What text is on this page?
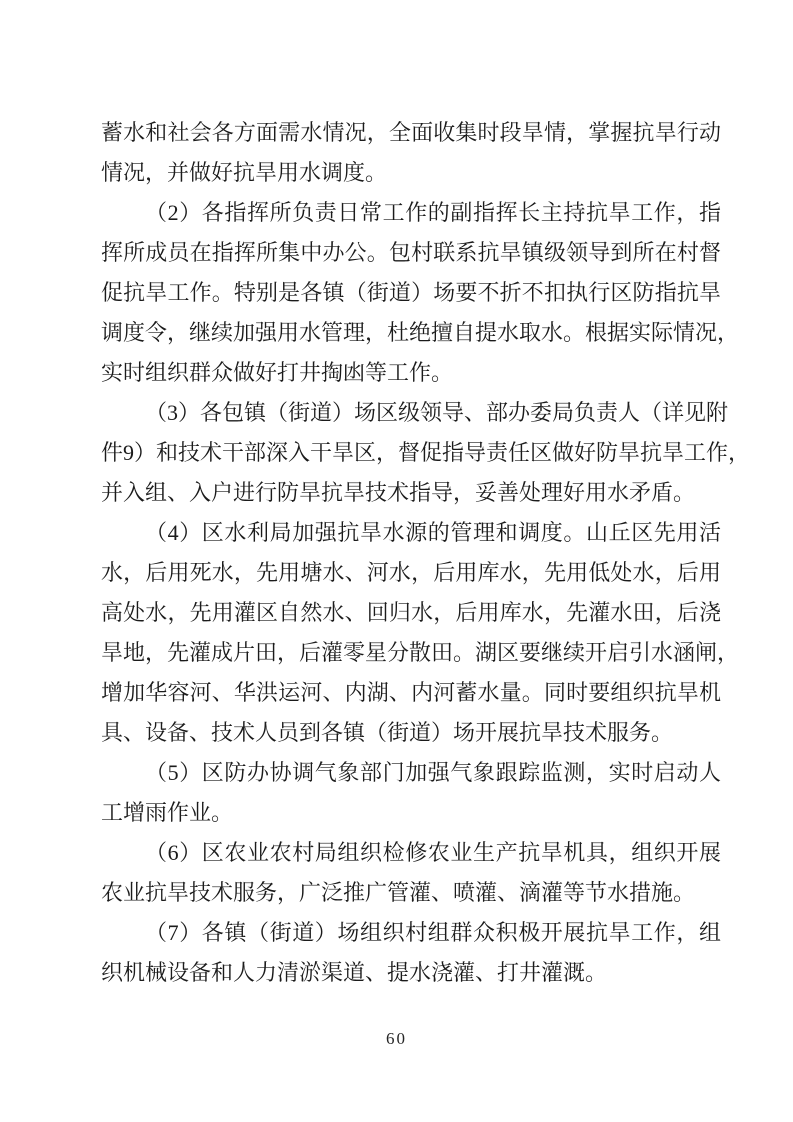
蓄水和社会各方面需水情况，全面收集时段旱情，掌握抗旱行动
情况，并做好抗旱用水调度。
（2）各指挥所负责日常工作的副指挥长主持抗旱工作，指
挥所成员在指挥所集中办公。包村联系抗旱镇级领导到所在村督
促抗旱工作。特别是各镇（街道）场要不折不扣执行区防指抗旱
调度令，继续加强用水管理，杜绝擅自提水取水。根据实际情况，
实时组织群众做好打井掏凼等工作。
（3）各包镇（街道）场区级领导、部办委局负责人（详见附
件9）和技术干部深入干旱区，督促指导责任区做好防旱抗旱工作，
并入组、入户进行防旱抗旱技术指导，妥善处理好用水矛盾。
（4）区水利局加强抗旱水源的管理和调度。山丘区先用活
水，后用死水，先用塘水、河水，后用库水，先用低处水，后用
高处水，先用灌区自然水、回归水，后用库水，先灌水田，后浇
旱地，先灌成片田，后灌零星分散田。湖区要继续开启引水涵闸，
增加华容河、华洪运河、内湖、内河蓄水量。同时要组织抗旱机
具、设备、技术人员到各镇（街道）场开展抗旱技术服务。
（5）区防办协调气象部门加强气象跟踪监测，实时启动人
工增雨作业。
（6）区农业农村局组织检修农业生产抗旱机具，组织开展
农业抗旱技术服务，广泛推广管灌、喷灌、滴灌等节水措施。
（7）各镇（街道）场组织村组群众积极开展抗旱工作，组
织机械设备和人力清淤渠道、提水浇灌、打井灌溉。
60
